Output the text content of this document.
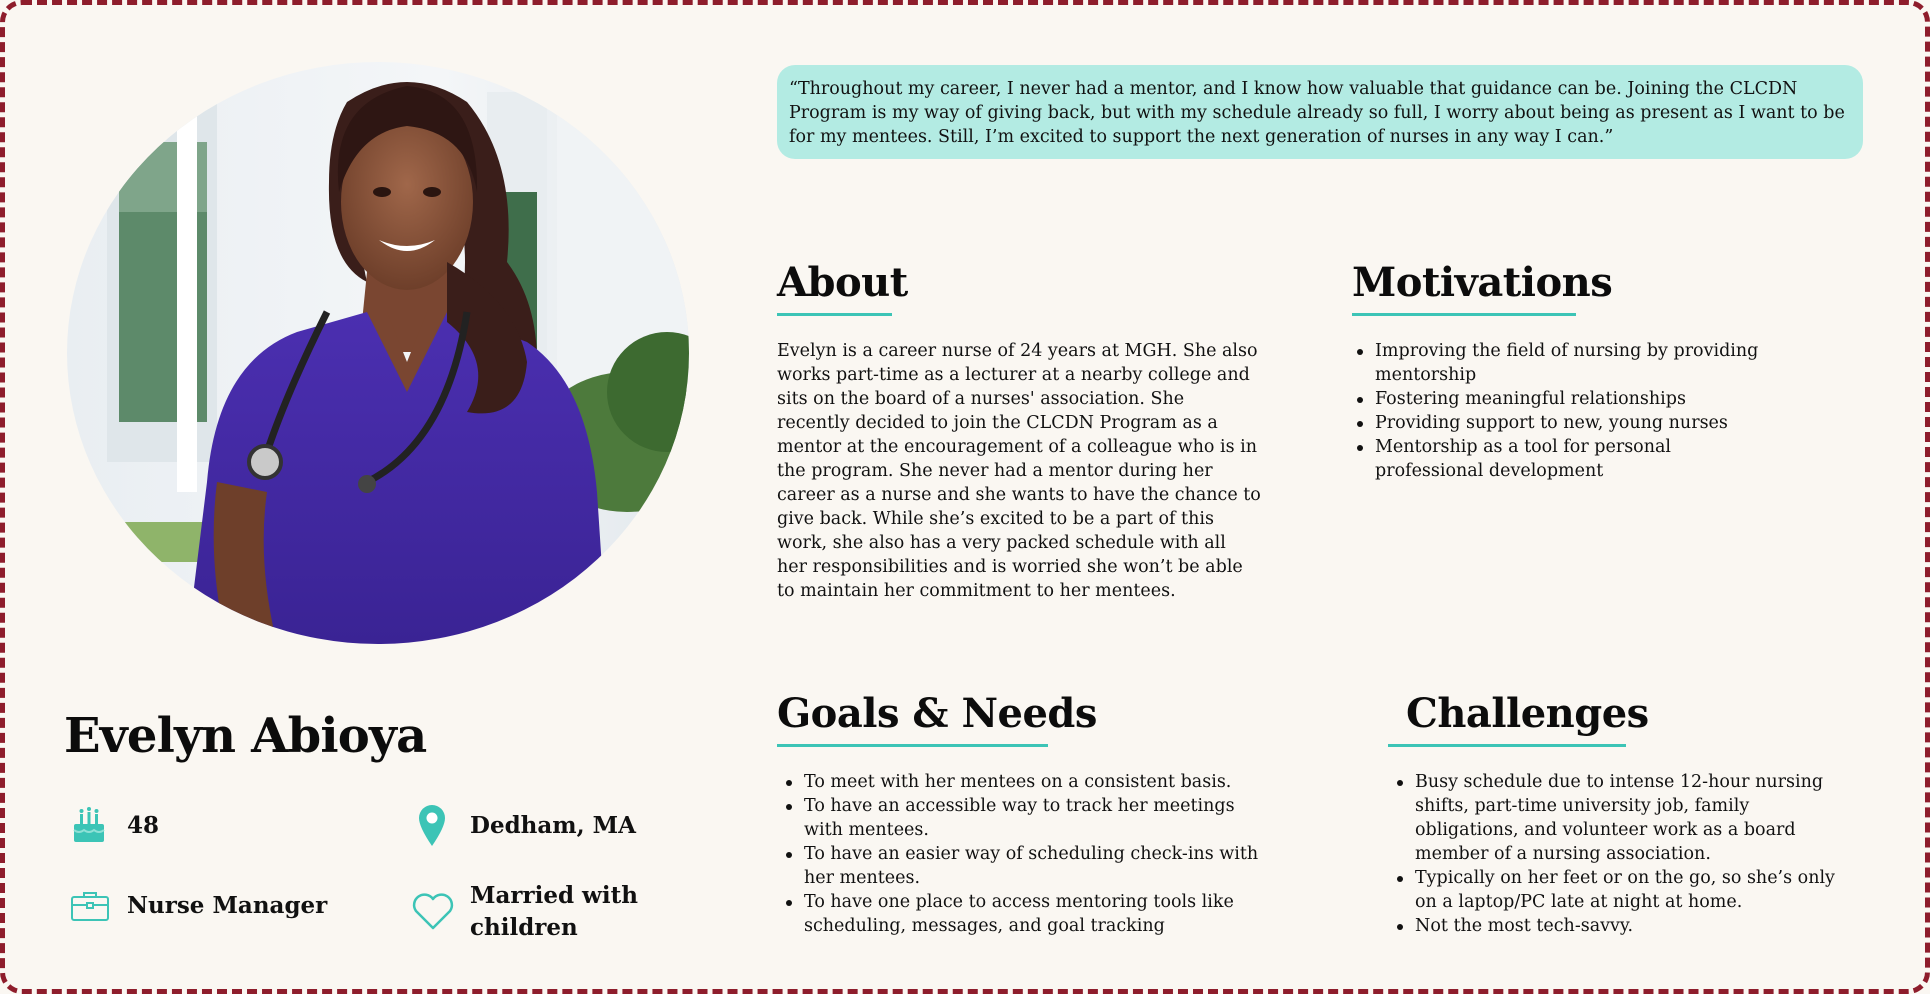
“Throughout my career, I never had a mentor, and I know how valuable that guidance can be. Joining the CLCDN Program is my way of giving back, but with my schedule already so full, I worry about being as present as I want to be for my mentees. Still, I’m excited to support the next generation of nurses in any way I can.”
About
Evelyn is a career nurse of 24 years at MGH. She also works part-time as a lecturer at a nearby college and sits on the board of a nurses' association. She recently decided to join the CLCDN Program as a mentor at the encouragement of a colleague who is in the program. She never had a mentor during her career as a nurse and she wants to have the chance to give back. While she’s excited to be a part of this work, she also has a very packed schedule with all her responsibilities and is worried she won’t be able to maintain her commitment to her mentees.
Motivations
Improving the field of nursing by providing mentorship
Fostering meaningful relationships
Providing support to new, young nurses
Mentorship as a tool for personal professional development
Goals & Needs
To meet with her mentees on a consistent basis.
To have an accessible way to track her meetings with mentees.
To have an easier way of scheduling check-ins with her mentees.
To have one place to access mentoring tools like scheduling, messages, and goal tracking
Challenges
Busy schedule due to intense 12-hour nursing shifts, part-time university job, family obligations, and volunteer work as a board member of a nursing association.
Typically on her feet or on the go, so she’s only on a laptop/PC late at night at home.
Not the most tech-savvy.
Evelyn Abioya
48	Dedham, MA
Nurse Manager	Married with children
